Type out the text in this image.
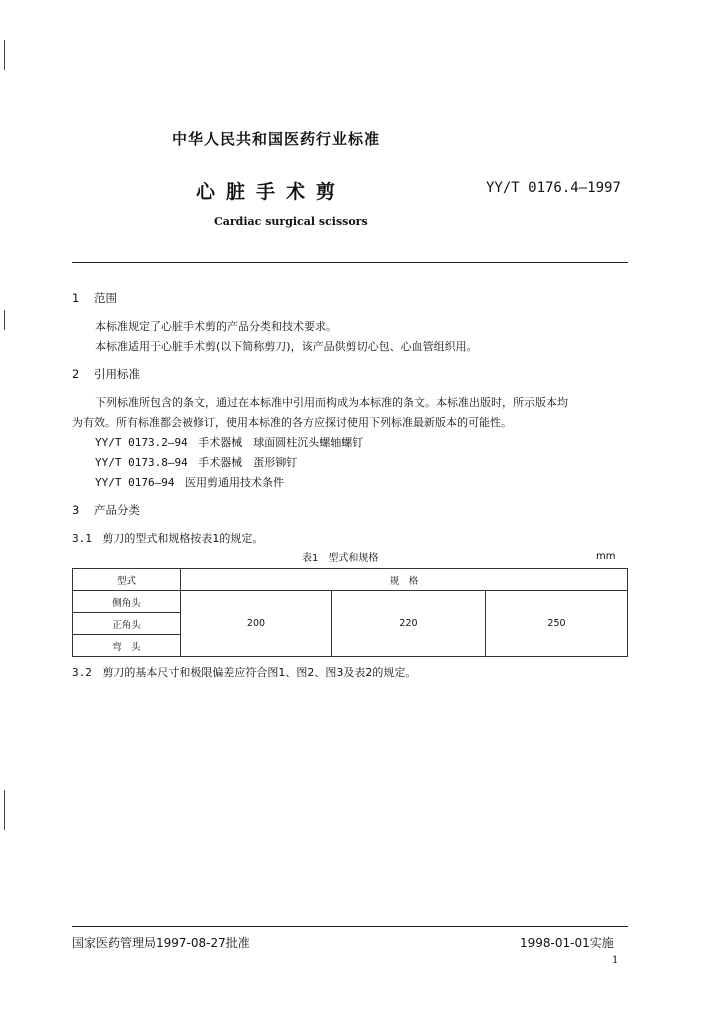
中华人民共和国医药行业标准
心脏手术剪	YY/T 0176.4—1997
Cardiac surgical scissors
1 范围
本标准规定了心脏手术剪的产品分类和技术要求。
本标准适用于心脏手术剪(以下简称剪刀)，该产品供剪切心包、心血管组织用。
2 引用标准
下列标准所包含的条文，通过在本标准中引用而构成为本标准的条文。本标准出版时，所示版本均
为有效。所有标准都会被修订，使用本标准的各方应探讨使用下列标准最新版本的可能性。
YY/T 0173.2—94 手术器械　球面圆柱沉头螺轴螺钉
YY/T 0173.8—94 手术器械　蛋形铆钉
YY/T 0176—94 医用剪通用技术条件
3 产品分类
3.1 剪刀的型式和规格按表1的规定。
表1　型式和规格	mm
型式	规　格		
侧角头	200	220	250
正角头			
弯　头			
3.2 剪刀的基本尺寸和极限偏差应符合图1、图2、图3及表2的规定。
国家医药管理局1997-08-27批准	1998-01-01实施
1
